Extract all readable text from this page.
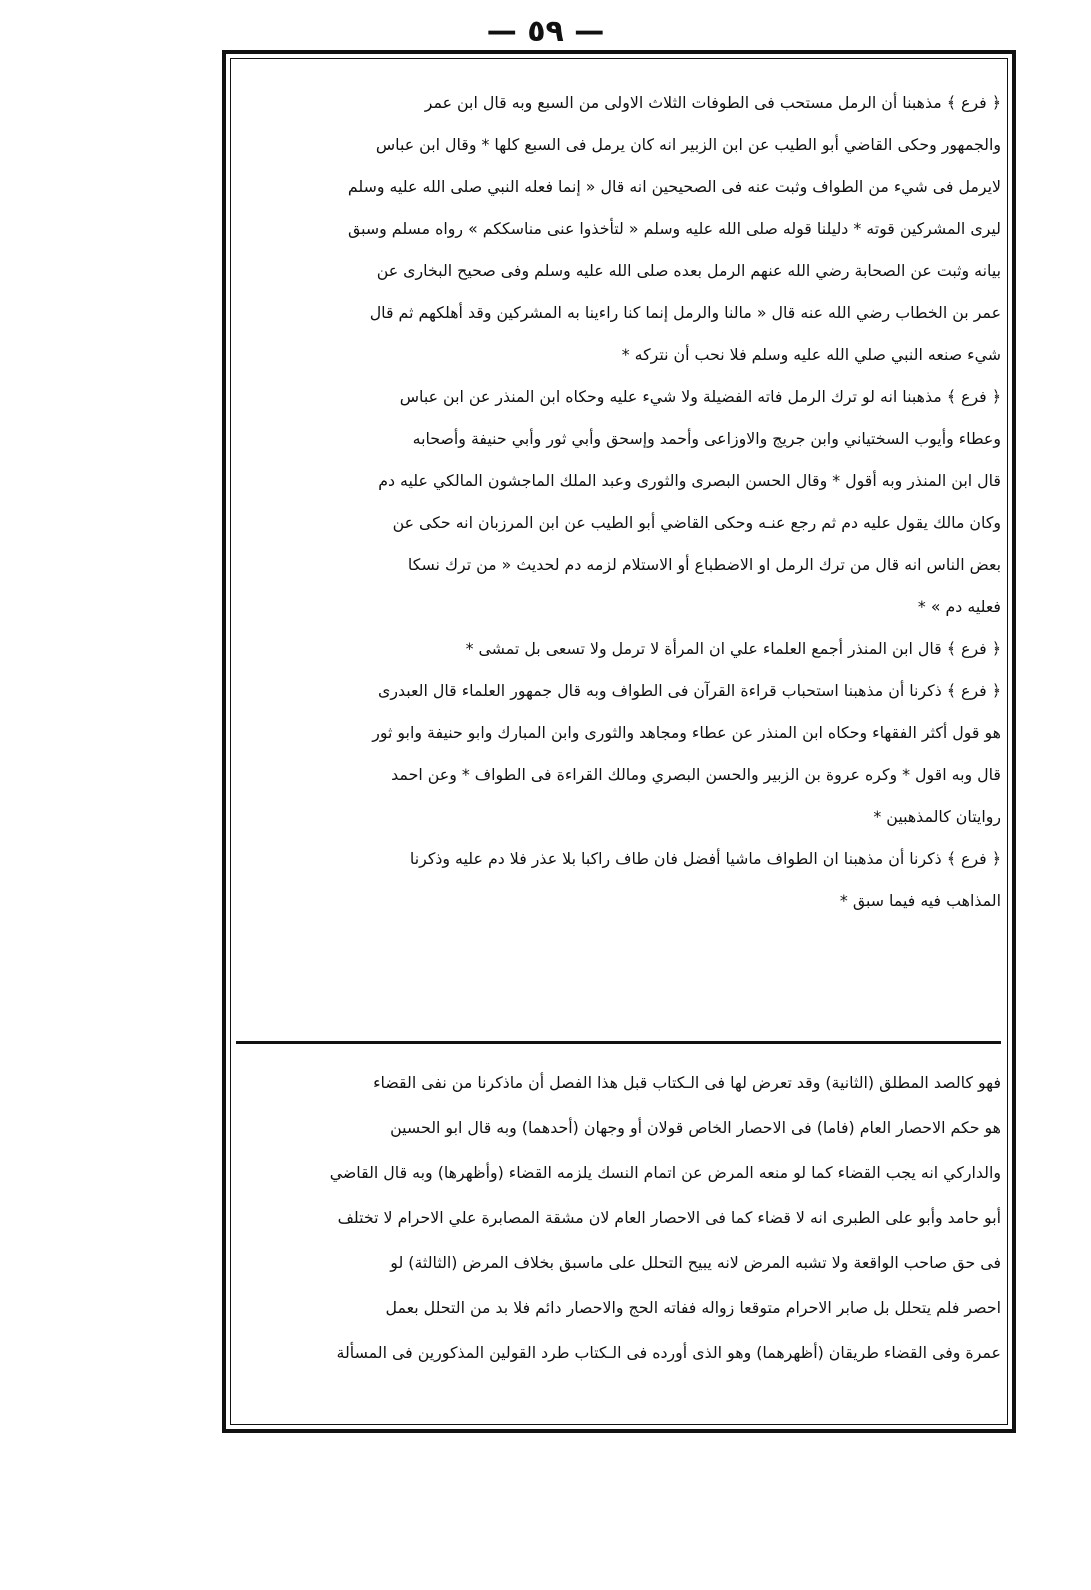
— ٥٩ —
﴿ فرع ﴾ مذهبنا أن الرمل مستحب فى الطوفات الثلاث الاولى من السبع وبه قال ابن عمر
والجمهور وحكى القاضي أبو الطيب عن ابن الزبير انه كان يرمل فى السبع كلها * وقال ابن عباس
لايرمل فى شيء من الطواف وثبت عنه فى الصحيحين انه قال « إنما فعله النبي صلى الله عليه وسلم
ليرى المشركين قوته * دليلنا قوله صلى الله عليه وسلم « لتأخذوا عنى مناسككم » رواه مسلم وسبق
بيانه وثبت عن الصحابة رضي الله عنهم الرمل بعده صلى الله عليه وسلم وفى صحيح البخارى عن
عمر بن الخطاب رضي الله عنه قال « مالنا والرمل إنما كنا راءينا به المشركين وقد أهلكهم ثم قال
شيء صنعه النبي صلي الله عليه وسلم فلا نحب أن نتركه *
﴿ فرع ﴾ مذهبنا انه لو ترك الرمل فاته الفضيلة ولا شيء عليه وحكاه ابن المنذر عن ابن عباس
وعطاء وأيوب السختياني وابن جريج والاوزاعى وأحمد وإسحق وأبي ثور وأبي حنيفة وأصحابه
قال ابن المنذر وبه أقول * وقال الحسن البصرى والثورى وعبد الملك الماجشون المالكي عليه دم
وكان مالك يقول عليه دم ثم رجع عنـه وحكى القاضي أبو الطيب عن ابن المرزبان انه حكى عن
بعض الناس انه قال من ترك الرمل او الاضطباع أو الاستلام لزمه دم لحديث « من ترك نسكا
فعليه دم » *
﴿ فرع ﴾ قال ابن المنذر أجمع العلماء علي ان المرأة لا ترمل ولا تسعى بل تمشى *
﴿ فرع ﴾ ذكرنا أن مذهبنا استحباب قراءة القرآن فى الطواف وبه قال جمهور العلماء قال العبدرى
هو قول أكثر الفقهاء وحكاه ابن المنذر عن عطاء ومجاهد والثورى وابن المبارك وابو حنيفة وابو ثور
قال وبه اقول * وكره عروة بن الزبير والحسن البصري ومالك القراءة فى الطواف * وعن احمد
روايتان كالمذهبين *
﴿ فرع ﴾ ذكرنا أن مذهبنا ان الطواف ماشيا أفضل فان طاف راكبا بلا عذر فلا دم عليه وذكرنا
المذاهب فيه فيما سبق *
فهو كالصد المطلق (الثانية) وقد تعرض لها فى الـكتاب قبل هذا الفصل أن ماذكرنا من نفى القضاء
هو حكم الاحصار العام (فاما) فى الاحصار الخاص قولان أو وجهان (أحدهما) وبه قال ابو الحسين
والداركي انه يجب القضاء كما لو منعه المرض عن اتمام النسك يلزمه القضاء (وأظهرها) وبه قال القاضي
أبو حامد وأبو على الطبرى انه لا قضاء كما فى الاحصار العام لان مشقة المصابرة علي الاحرام لا تختلف
فى حق صاحب الواقعة ولا تشبه المرض لانه يبيح التحلل على ماسبق بخلاف المرض (الثالثة) لو
احصر فلم يتحلل بل صابر الاحرام متوقعا زواله ففاته الحج والاحصار دائم فلا بد من التحلل بعمل
عمرة وفى القضاء طريقان (أظهرهما) وهو الذى أورده فى الـكتاب طرد القولين المذكورين فى المسألة
